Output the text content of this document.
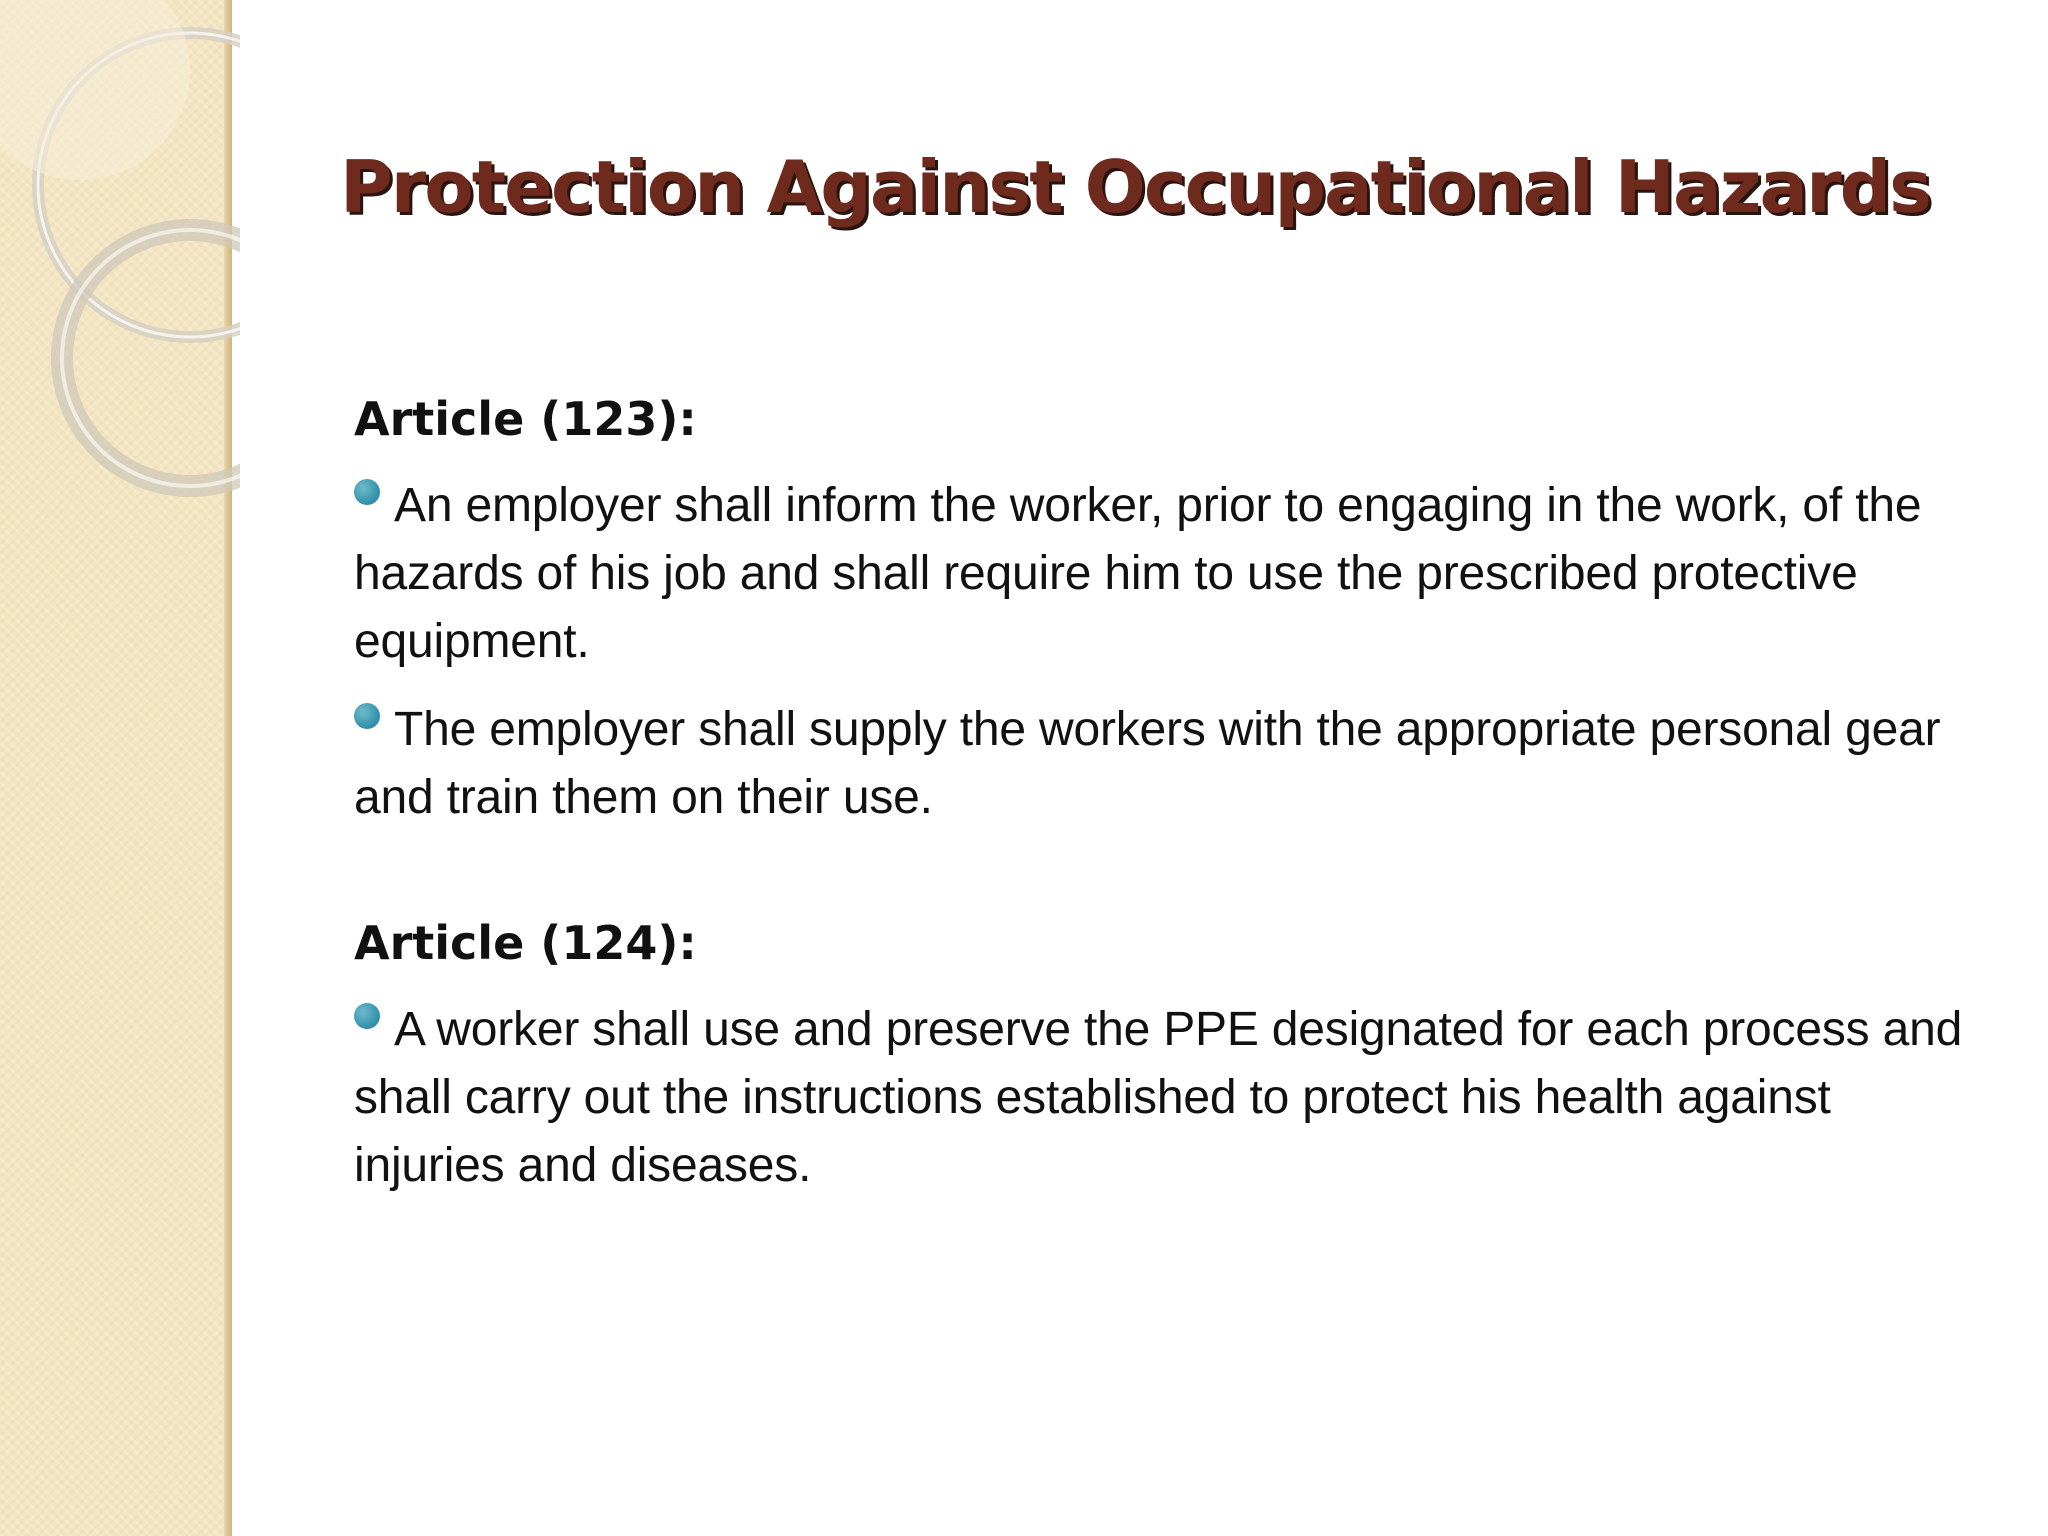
Protection Against Occupational Hazards
Article (123):

An employer shall inform the worker, prior to engaging in the work, of the hazards of his job and shall require him to use the prescribed protective equipment.

The employer shall supply the workers with the appropriate personal gear and train them on their use.

Article (124):

A worker shall use and preserve the PPE designated for each process and shall carry out the instructions established to protect his health against injuries and diseases.
